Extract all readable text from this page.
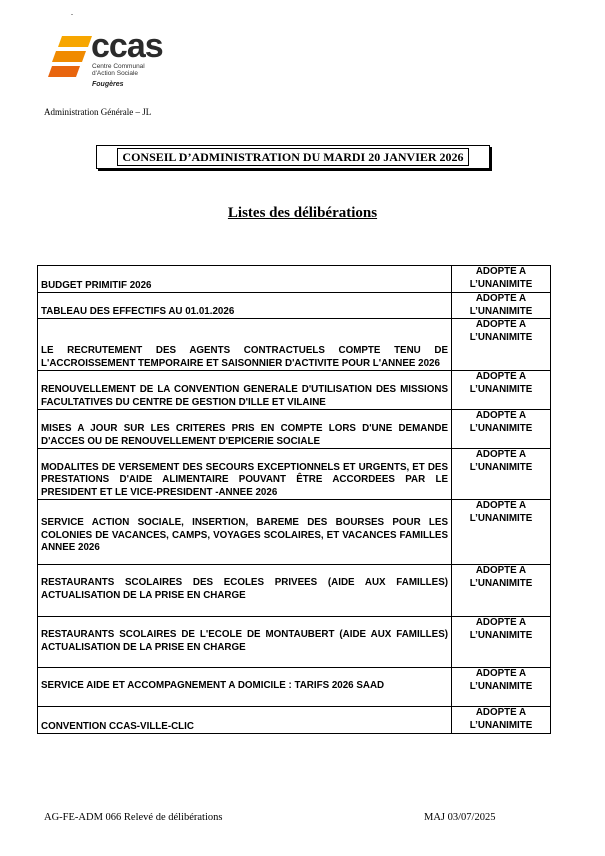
.
ccas
Centre Communal
d'Action Sociale
Fougères
Administration Générale – JL
CONSEIL D’ADMINISTRATION DU MARDI 20 JANVIER 2026
Listes des délibérations
BUDGET PRIMITIF 2026	ADOPTE A
L’UNANIMITE

TABLEAU DES EFFECTIFS AU 01.01.2026	ADOPTE A
L’UNANIMITE

LE RECRUTEMENT DES AGENTS CONTRACTUELS COMPTE TENU DE L'ACCROISSEMENT TEMPORAIRE ET SAISONNIER D'ACTIVITE POUR L'ANNEE 2026	ADOPTE A
L’UNANIMITE

RENOUVELLEMENT DE LA CONVENTION GENERALE D'UTILISATION DES MISSIONS FACULTATIVES DU CENTRE DE GESTION D'ILLE ET VILAINE	ADOPTE A
L’UNANIMITE

MISES A JOUR SUR LES CRITERES PRIS EN COMPTE LORS D'UNE DEMANDE D'ACCES OU DE RENOUVELLEMENT D'EPICERIE SOCIALE	ADOPTE A
L’UNANIMITE

MODALITES DE VERSEMENT DES SECOURS EXCEPTIONNELS ET URGENTS, ET DES PRESTATIONS D'AIDE ALIMENTAIRE POUVANT ÊTRE ACCORDEES PAR LE PRESIDENT ET LE VICE-PRESIDENT -ANNEE 2026	ADOPTE A
L’UNANIMITE

SERVICE ACTION SOCIALE, INSERTION, BAREME DES BOURSES POUR LES COLONIES DE VACANCES, CAMPS, VOYAGES SCOLAIRES, ET VACANCES FAMILLES ANNEE 2026	ADOPTE A
L’UNANIMITE

RESTAURANTS SCOLAIRES DES ECOLES PRIVEES (AIDE AUX FAMILLES) ACTUALISATION DE LA PRISE EN CHARGE	ADOPTE A
L’UNANIMITE

RESTAURANTS SCOLAIRES DE L'ECOLE DE MONTAUBERT (AIDE AUX FAMILLES) ACTUALISATION DE LA PRISE EN CHARGE	ADOPTE A
L’UNANIMITE

SERVICE AIDE ET ACCOMPAGNEMENT A DOMICILE : TARIFS 2026 SAAD	ADOPTE A
L’UNANIMITE

CONVENTION CCAS-VILLE-CLIC	ADOPTE A
L’UNANIMITE
AG-FE-ADM 066 Relevé de délibérations	MAJ 03/07/2025
